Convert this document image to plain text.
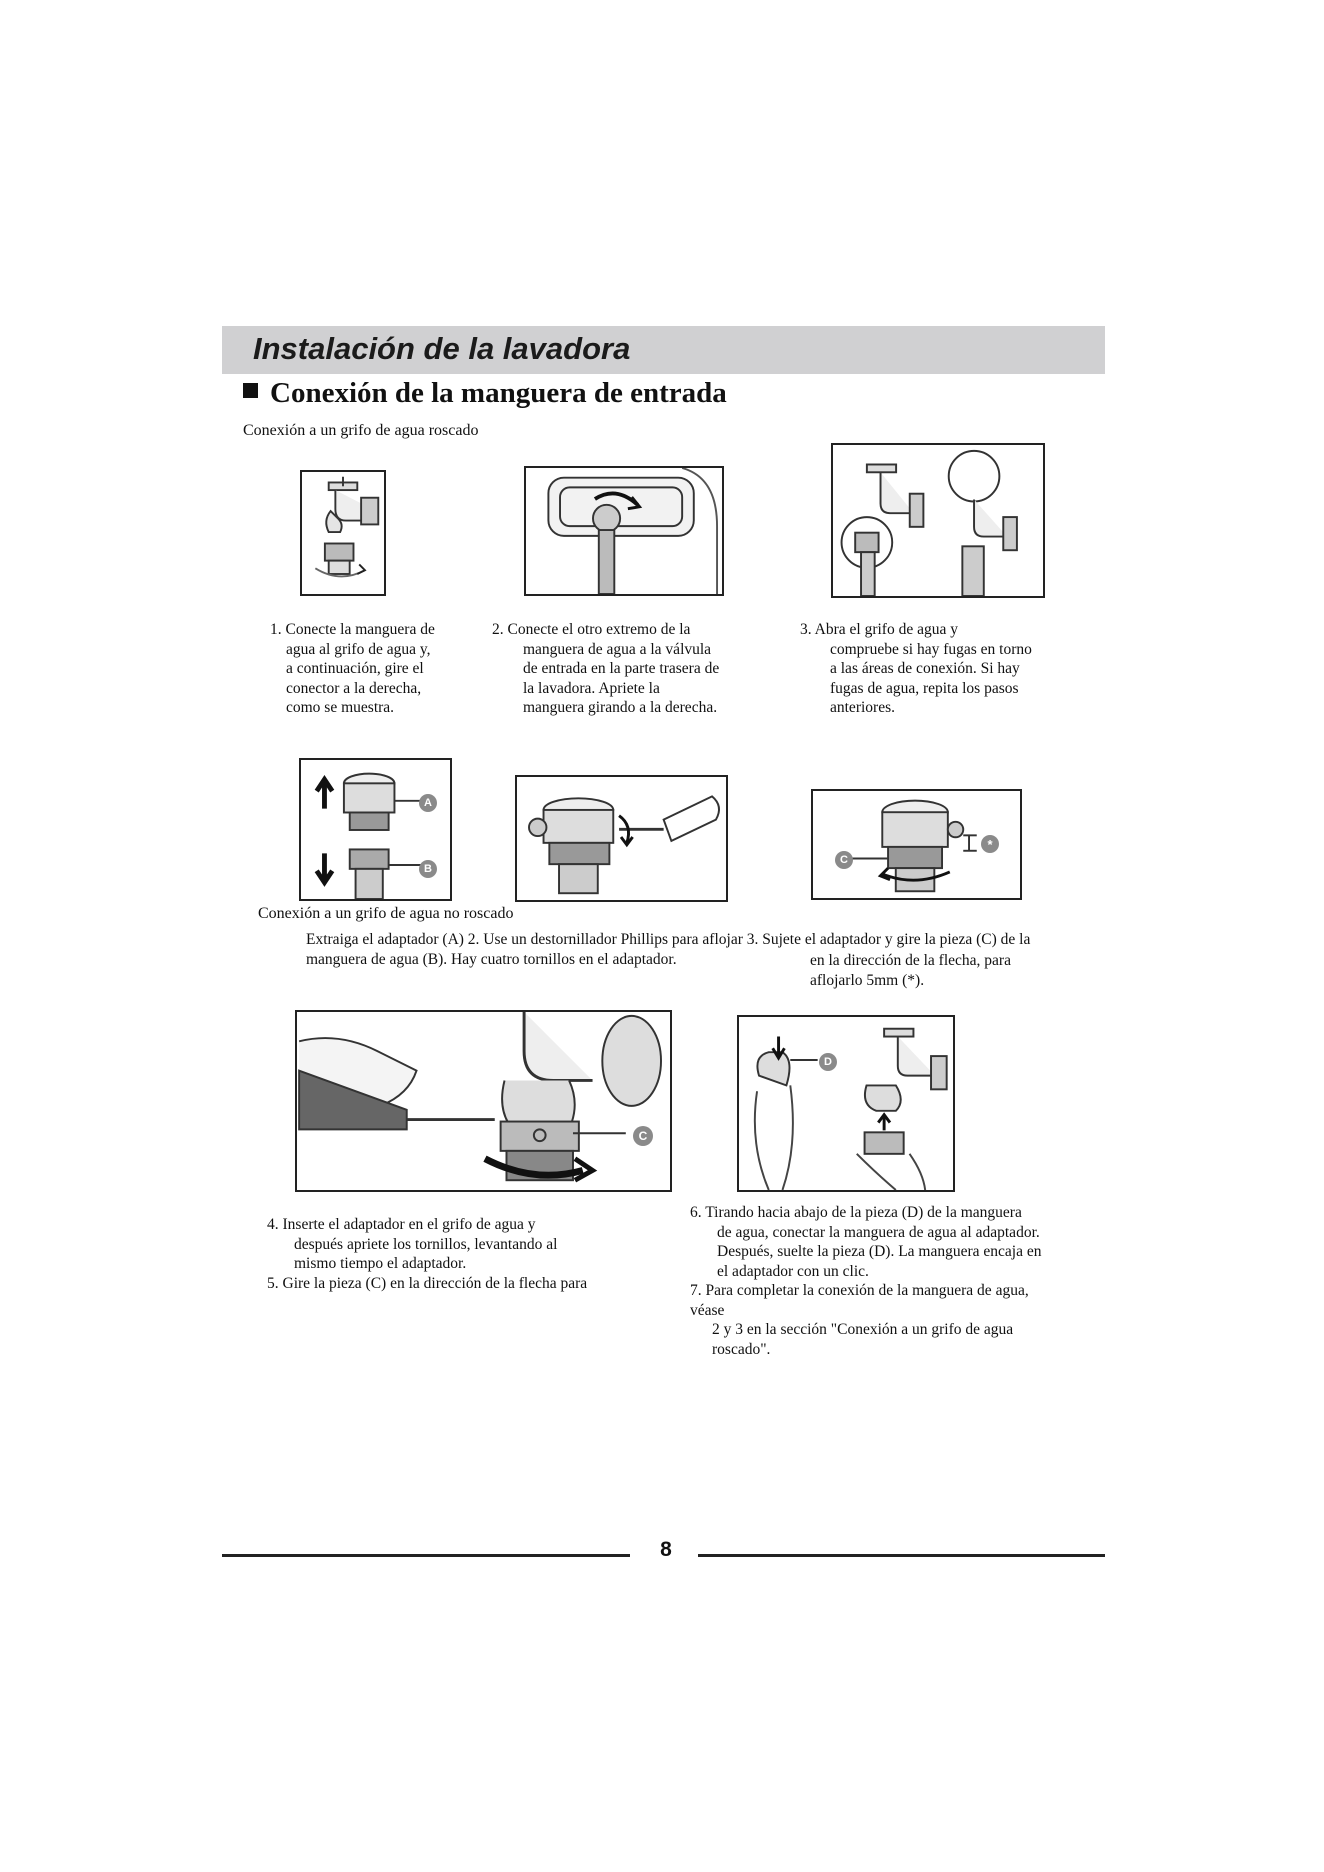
Instalación de la lavadora
Conexión de la manguera de entrada
Conexión a un grifo de agua roscado
1. Conecte la manguera de
agua al grifo de agua y,
a continuación, gire el
conector a la derecha,
como se muestra.
2. Conecte el otro extremo de la
manguera de agua a la válvula
de entrada en la parte trasera de
la lavadora. Apriete la
manguera girando a la derecha.
3. Abra el grifo de agua y
compruebe si hay fugas en torno
a las áreas de conexión. Si hay
fugas de agua, repita los pasos
anteriores.
A
B
C
*
Conexión a un grifo de agua no roscado
Extraiga el adaptador (A) 2. Use un destornillador Phillips para aflojar 3. Sujete el adaptador y gire la pieza (C) de la
manguera de agua (B). Hay cuatro tornillos en el adaptador.	en la dirección de la flecha, para
aflojarlo 5mm (*).
C
D
4. Inserte el adaptador en el grifo de agua y
después apriete los tornillos, levantando al
mismo tiempo el adaptador.
5. Gire la pieza (C) en la dirección de la flecha para
6. Tirando hacia abajo de la pieza (D) de la manguera
de agua, conectar la manguera de agua al adaptador.
Después, suelte la pieza (D). La manguera encaja en
el adaptador con un clic.
7. Para completar la conexión de la manguera de agua,
véase
2 y 3 en la sección "Conexión a un grifo de agua
roscado".
8
